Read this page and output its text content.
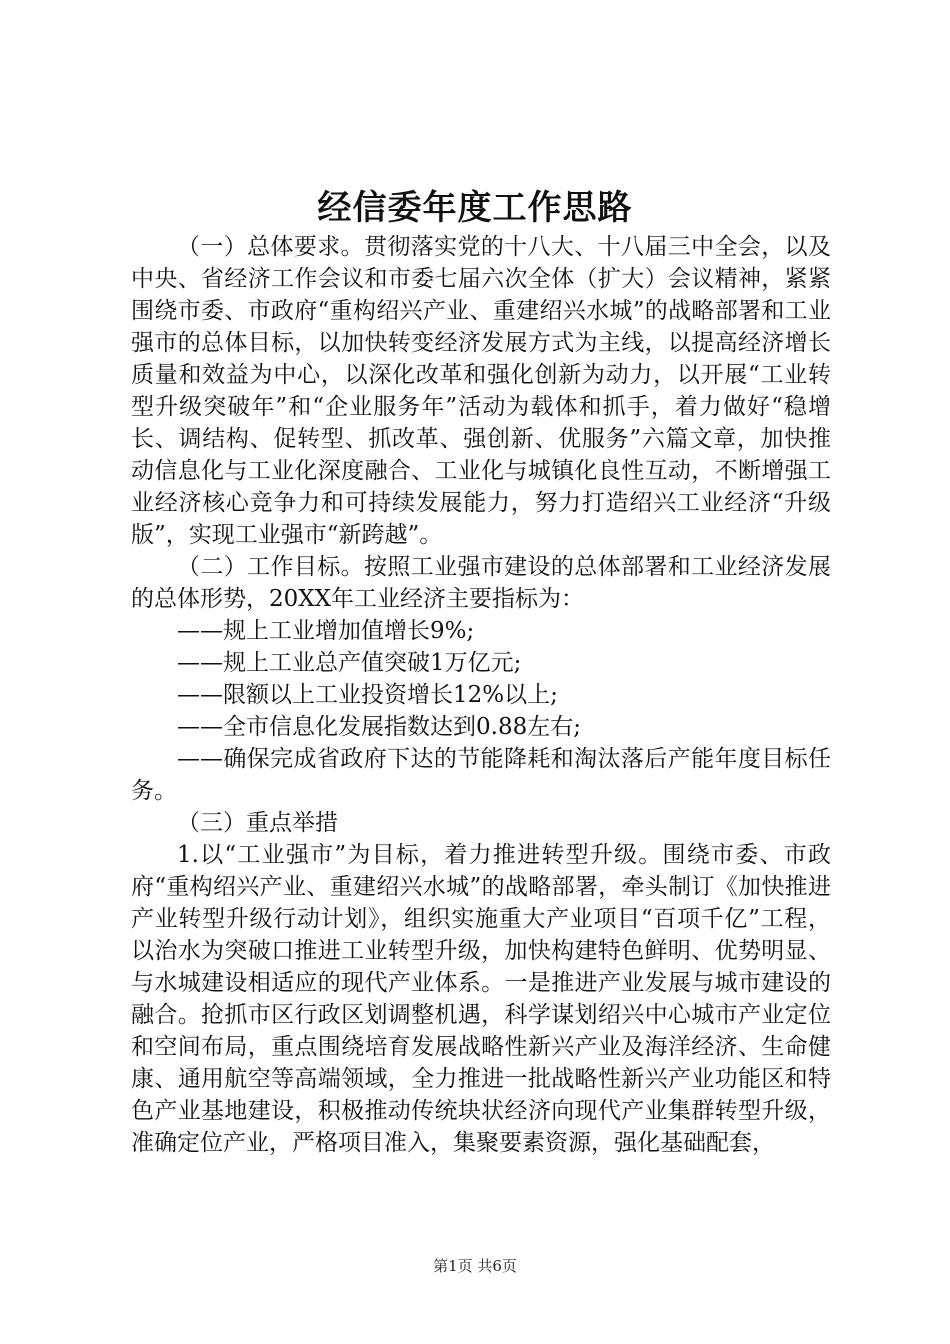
经信委年度工作思路

（一）总体要求。贯彻落实党的十八大、十八届三中全会，以及中央、省经济工作会议和市委七届六次全体（扩大）会议精神，紧紧围绕市委、市政府“重构绍兴产业、重建绍兴水城”的战略部署和工业强市的总体目标，以加快转变经济发展方式为主线，以提高经济增长质量和效益为中心，以深化改革和强化创新为动力，以开展“工业转型升级突破年”和“企业服务年”活动为载体和抓手，着力做好“稳增长、调结构、促转型、抓改革、强创新、优服务”六篇文章，加快推动信息化与工业化深度融合、工业化与城镇化良性互动，不断增强工业经济核心竞争力和可持续发展能力，努力打造绍兴工业经济“升级版”，实现工业强市“新跨越”。

（二）工作目标。按照工业强市建设的总体部署和工业经济发展的总体形势，20XX年工业经济主要指标为：

——规上工业增加值增长9%;

——规上工业总产值突破1万亿元;

——限额以上工业投资增长12%以上;

——全市信息化发展指数达到0.88左右;

——确保完成省政府下达的节能降耗和淘汰落后产能年度目标任务。

（三）重点举措

1.以“工业强市”为目标，着力推进转型升级。围绕市委、市政府“重构绍兴产业、重建绍兴水城”的战略部署，牵头制订《加快推进产业转型升级行动计划》，组织实施重大产业项目“百项千亿”工程，以治水为突破口推进工业转型升级，加快构建特色鲜明、优势明显、与水城建设相适应的现代产业体系。一是推进产业发展与城市建设的融合。抢抓市区行政区划调整机遇，科学谋划绍兴中心城市产业定位和空间布局，重点围绕培育发展战略性新兴产业及海洋经济、生命健康、通用航空等高端领域，全力推进一批战略性新兴产业功能区和特色产业基地建设，积极推动传统块状经济向现代产业集群转型升级，准确定位产业，严格项目准入，集聚要素资源，强化基础配套，

第1页 共6页
